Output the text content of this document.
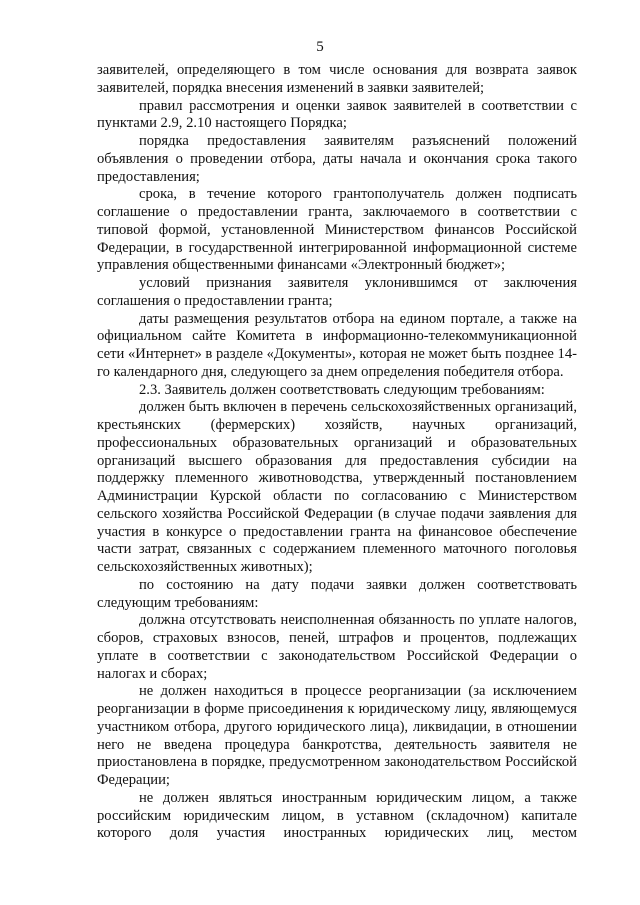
5

заявителей, определяющего в том числе основания для возврата заявок заявителей, порядка внесения изменений в заявки заявителей;

правил рассмотрения и оценки заявок заявителей в соответствии с пунктами 2.9, 2.10 настоящего Порядка;

порядка предоставления заявителям разъяснений положений объявления о проведении отбора, даты начала и окончания срока такого предоставления;

срока, в течение которого грантополучатель должен подписать соглашение о предоставлении гранта, заключаемого в соответствии с типовой формой, установленной Министерством финансов Российской Федерации, в государственной интегрированной информационной системе управления общественными финансами «Электронный бюджет»;

условий признания заявителя уклонившимся от заключения соглашения о предоставлении гранта;

даты размещения результатов отбора на едином портале, а также на официальном сайте Комитета в информационно-телекоммуникационной сети «Интернет» в разделе «Документы», которая не может быть позднее 14-го календарного дня, следующего за днем определения победителя отбора.

2.3. Заявитель должен соответствовать следующим требованиям:

должен быть включен в перечень сельскохозяйственных организаций, крестьянских (фермерских) хозяйств, научных организаций, профессиональных образовательных организаций и образовательных организаций высшего образования для предоставления субсидии на поддержку племенного животноводства, утвержденный постановлением Администрации Курской области по согласованию с Министерством сельского хозяйства Российской Федерации (в случае подачи заявления для участия в конкурсе о предоставлении гранта на финансовое обеспечение части затрат, связанных с содержанием племенного маточного поголовья сельскохозяйственных животных);

по состоянию на дату подачи заявки должен соответствовать следующим требованиям:

должна отсутствовать неисполненная обязанность по уплате налогов, сборов, страховых взносов, пеней, штрафов и процентов, подлежащих уплате в соответствии с законодательством Российской Федерации о налогах и сборах;

не должен находиться в процессе реорганизации (за исключением реорганизации в форме присоединения к юридическому лицу, являющемуся участником отбора, другого юридического лица), ликвидации, в отношении него не введена процедура банкротства, деятельность заявителя не приостановлена в порядке, предусмотренном законодательством Российской Федерации;

не должен являться иностранным юридическим лицом, а также российским юридическим лицом, в уставном (складочном) капитале которого доля участия иностранных юридических лиц, местом
